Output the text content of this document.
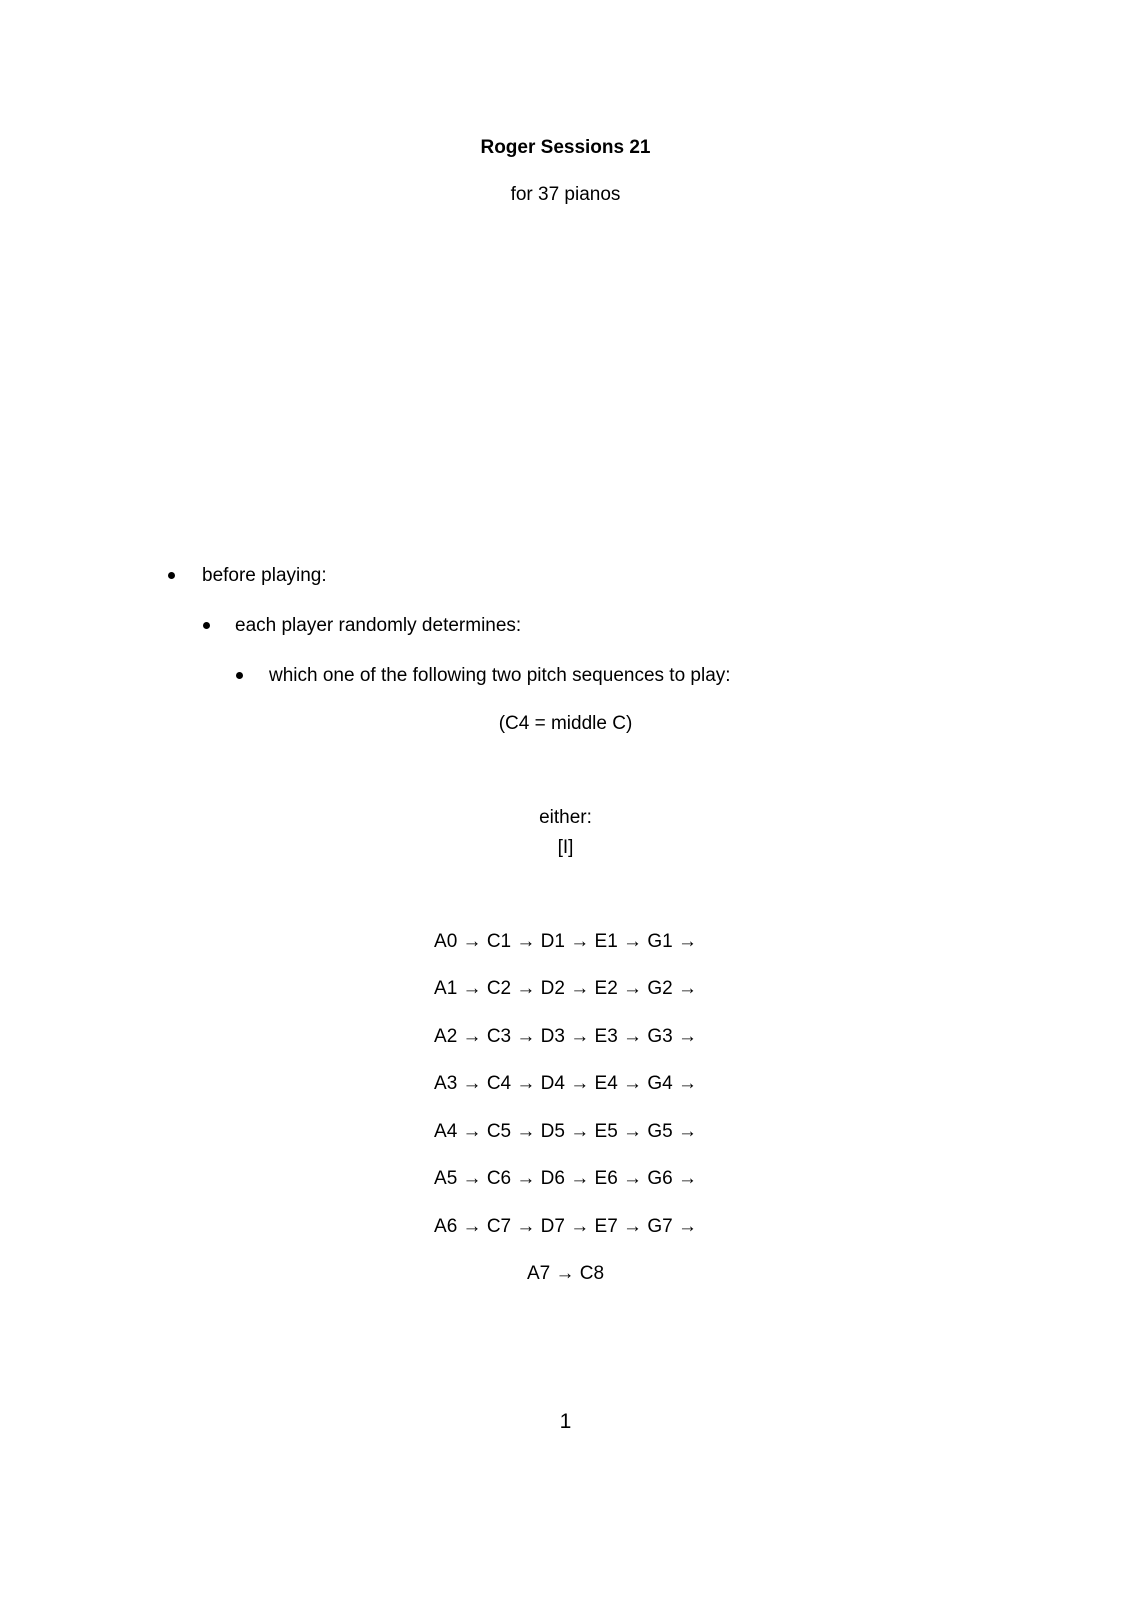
Roger Sessions 21

for 37 pianos

before playing:
each player randomly determines:
which one of the following two pitch sequences to play:

(C4 = middle C)

either:

[I]

A0 → C1 → D1 → E1 → G1 →

A1 → C2 → D2 → E2 → G2 →

A2 → C3 → D3 → E3 → G3 →

A3 → C4 → D4 → E4 → G4 →

A4 → C5 → D5 → E5 → G5 →

A5 → C6 → D6 → E6 → G6 →

A6 → C7 → D7 → E7 → G7 →

A7 → C8

1
